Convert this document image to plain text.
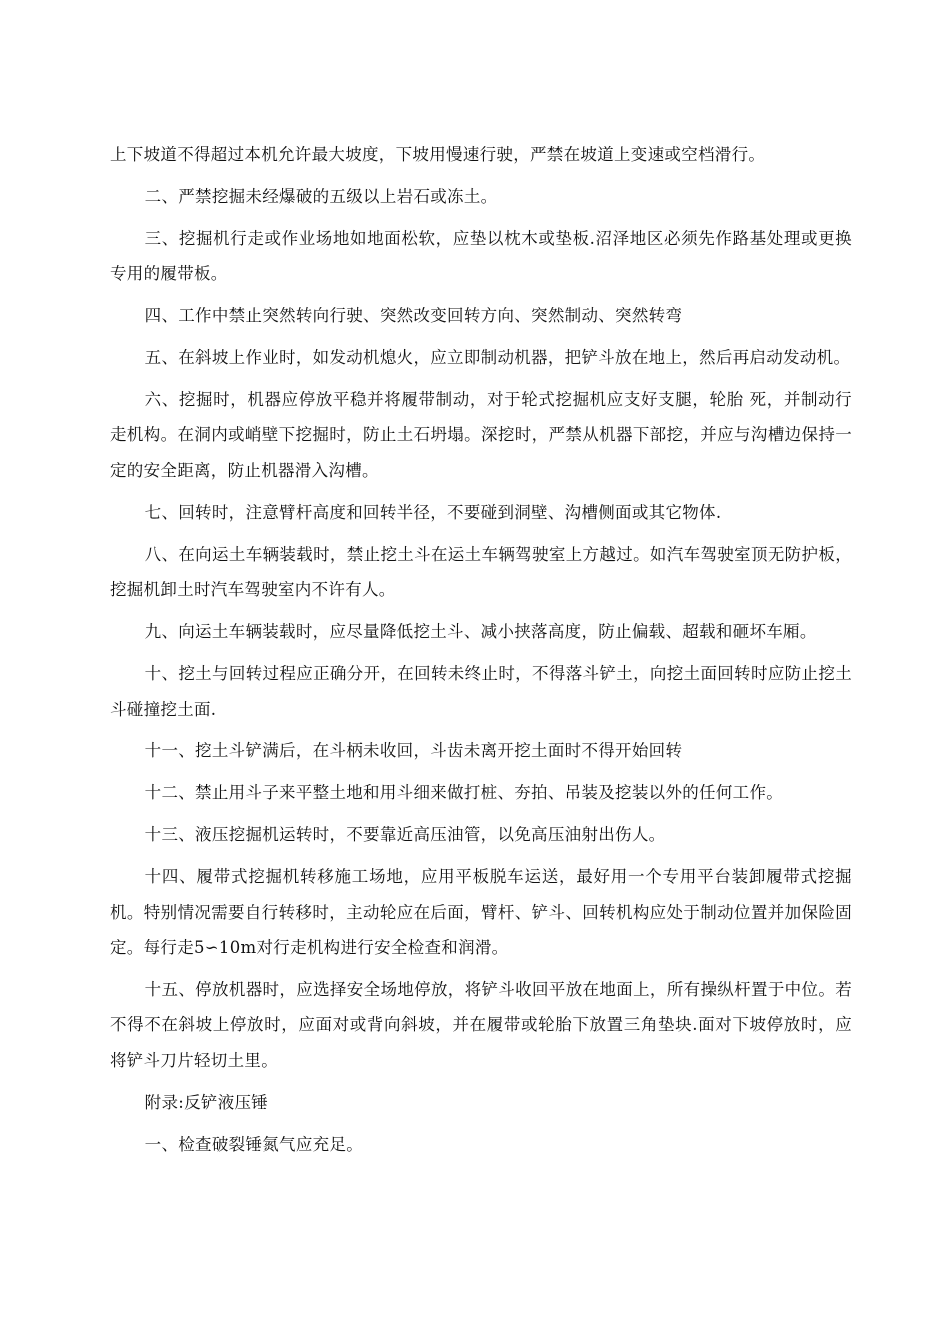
上下坡道不得超过本机允许最大坡度，下坡用慢速行驶，严禁在坡道上变速或空档滑行。

二、严禁挖掘未经爆破的五级以上岩石或冻土。

三、挖掘机行走或作业场地如地面松软，应垫以枕木或垫板.沼泽地区必须先作路基处理或更换专用的履带板。

四、工作中禁止突然转向行驶、突然改变回转方向、突然制动、突然转弯

五、在斜坡上作业时，如发动机熄火，应立即制动机器，把铲斗放在地上，然后再启动发动机。

六、挖掘时，机器应停放平稳并将履带制动，对于轮式挖掘机应支好支腿，轮胎 死，并制动行走机构。在洞内或峭壁下挖掘时，防止土石坍塌。深挖时，严禁从机器下部挖，并应与沟槽边保持一定的安全距离，防止机器滑入沟槽。

七、回转时，注意臂杆高度和回转半径，不要碰到洞壁、沟槽侧面或其它物体.

八、在向运土车辆装载时，禁止挖土斗在运土车辆驾驶室上方越过。如汽车驾驶室顶无防护板，挖掘机卸土时汽车驾驶室内不许有人。

九、向运土车辆装载时，应尽量降低挖土斗、减小挟落高度，防止偏载、超载和砸坏车厢。

十、挖土与回转过程应正确分开，在回转未终止时，不得落斗铲土，向挖土面回转时应防止挖土斗碰撞挖土面.

十一、挖土斗铲满后，在斗柄未收回，斗齿未离开挖土面时不得开始回转

十二、禁止用斗子来平整土地和用斗细来做打桩、夯拍、吊装及挖装以外的任何工作。

十三、液压挖掘机运转时，不要靠近高压油管，以免高压油射出伤人。

十四、履带式挖掘机转移施工场地，应用平板脱车运送，最好用一个专用平台装卸履带式挖掘机。特别情况需要自行转移时，主动轮应在后面，臂杆、铲斗、回转机构应处于制动位置并加保险固定。每行走5∽10m对行走机构进行安全检查和润滑。

十五、停放机器时，应选择安全场地停放，将铲斗收回平放在地面上，所有操纵杆置于中位。若不得不在斜坡上停放时，应面对或背向斜坡，并在履带或轮胎下放置三角垫块.面对下坡停放时，应将铲斗刀片轻切土里。

附录:反铲液压锤

一、检查破裂锤氮气应充足。
